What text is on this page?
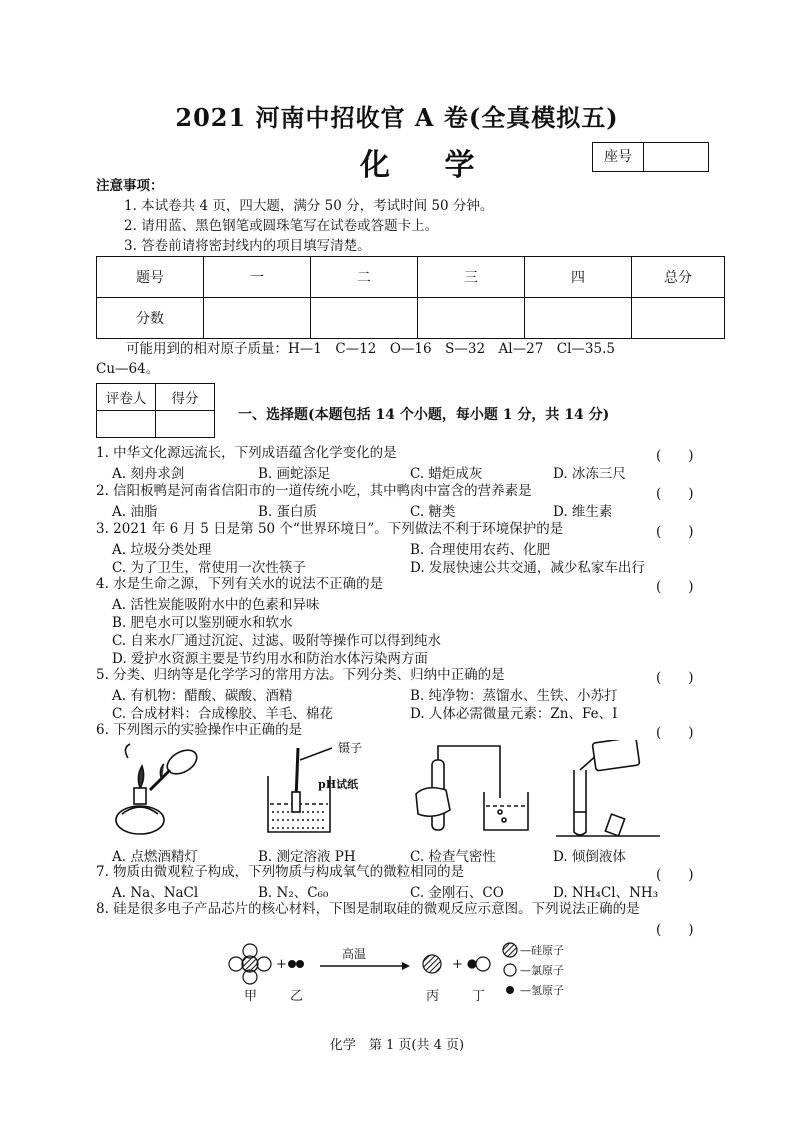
2021 河南中招收官 A 卷(全真模拟五)
化 学	座号
注意事项：
1. 本试卷共 4 页，四大题，满分 50 分，考试时间 50 分钟。
2. 请用蓝、黑色钢笔或圆珠笔写在试卷或答题卡上。
3. 答卷前请将密封线内的项目填写清楚。
题号	一	二	三	四	总分
分数					
可能用到的相对原子质量：H—1　C—12　O—16　S—32　Al—27　Cl—35.5
Cu—64。
评卷人	得分

一、选择题(本题包括 14 个小题，每小题 1 分，共 14 分)
1. 中华文化源远流长，下列成语蕴含化学变化的是	(　　)
A. 刻舟求剑	B. 画蛇添足	C. 蜡炬成灰	D. 冰冻三尺
2. 信阳板鸭是河南省信阳市的一道传统小吃，其中鸭肉中富含的营养素是	(　　)
A. 油脂	B. 蛋白质	C. 糖类	D. 维生素
3. 2021 年 6 月 5 日是第 50 个“世界环境日”。下列做法不利于环境保护的是	(　　)
A. 垃圾分类处理	B. 合理使用农药、化肥
C. 为了卫生，常使用一次性筷子	D. 发展快速公共交通，减少私家车出行
4. 水是生命之源，下列有关水的说法不正确的是	(　　)
A. 活性炭能吸附水中的色素和异味
B. 肥皂水可以鉴别硬水和软水
C. 自来水厂通过沉淀、过滤、吸附等操作可以得到纯水
D. 爱护水资源主要是节约用水和防治水体污染两方面
5. 分类、归纳等是化学学习的常用方法。下列分类、归纳中正确的是	(　　)
A. 有机物：醋酸、碳酸、酒精	B. 纯净物：蒸馏水、生铁、小苏打
C. 合成材料：合成橡胶、羊毛、棉花	D. 人体必需微量元素：Zn、Fe、I
6. 下列图示的实验操作中正确的是	(　　)
镊子
pH试纸
A. 点燃酒精灯	B. 测定溶液 PH	C. 检查气密性	D. 倾倒液体
7. 物质由微观粒子构成，下列物质与构成氧气的微粒相同的是	(　　)
A. Na、NaCl	B. N₂、C₆₀	C. 金刚石、CO	D. NH₄Cl、NH₃
8. 硅是很多电子产品芯片的核心材料，下图是制取硅的微观反应示意图。下列说法正确的是
(　　)
+
高温
+
甲	乙	丙	丁
—硅原子
—氯原子
—氢原子
化学　第 1 页(共 4 页)
